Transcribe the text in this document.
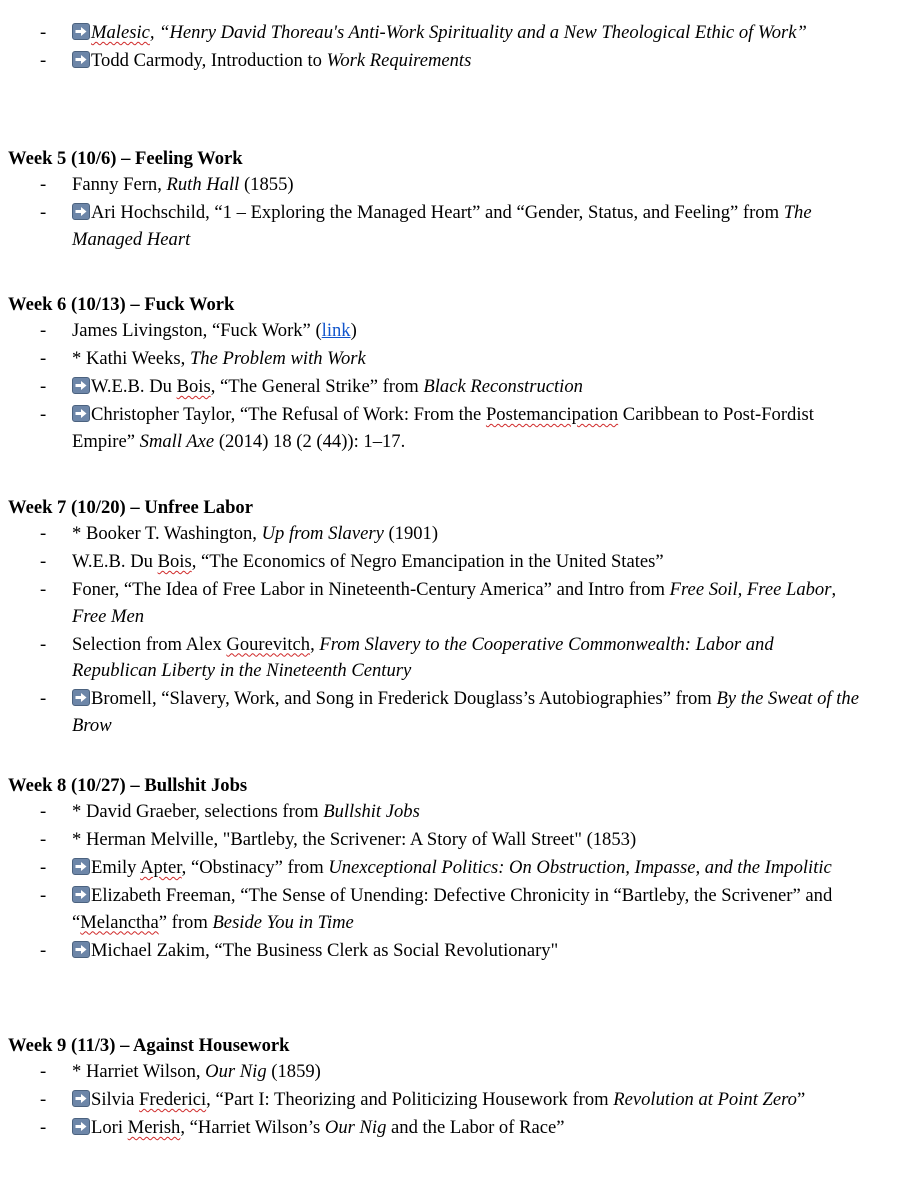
-	Malesic, “Henry David Thoreau's Anti-Work Spirituality and a New Theological Ethic of Work”
-	Todd Carmody, Introduction to Work Requirements
Week 5 (10/6) – Feeling Work
- Fanny Fern, Ruth Hall (1855)
-	Ari Hochschild, “1 – Exploring the Managed Heart” and “Gender, Status, and Feeling” from The Managed Heart
Week 6 (10/13) – Fuck Work
- James Livingston, “Fuck Work” (link)
- * Kathi Weeks, The Problem with Work
-	W.E.B. Du Bois, “The General Strike” from Black Reconstruction
-	Christopher Taylor, “The Refusal of Work: From the Postemancipation Caribbean to Post-Fordist Empire” Small Axe (2014) 18 (2 (44)): 1–17.
Week 7 (10/20) – Unfree Labor
- * Booker T. Washington, Up from Slavery (1901)
- W.E.B. Du Bois, “The Economics of Negro Emancipation in the United States”
- Foner, “The Idea of Free Labor in Nineteenth-Century America” and Intro from Free Soil, Free Labor, Free Men
- Selection from Alex Gourevitch, From Slavery to the Cooperative Commonwealth: Labor and Republican Liberty in the Nineteenth Century
-	Bromell, “Slavery, Work, and Song in Frederick Douglass’s Autobiographies” from By the Sweat of the Brow
Week 8 (10/27) – Bullshit Jobs
- * David Graeber, selections from Bullshit Jobs
- * Herman Melville, "Bartleby, the Scrivener: A Story of Wall Street" (1853)
-	Emily Apter, “Obstinacy” from Unexceptional Politics: On Obstruction, Impasse, and the Impolitic
-	Elizabeth Freeman, “The Sense of Unending: Defective Chronicity in “Bartleby, the Scrivener” and “Melanctha” from Beside You in Time
-	Michael Zakim, “The Business Clerk as Social Revolutionary"
Week 9 (11/3) – Against Housework
- * Harriet Wilson, Our Nig (1859)
-	Silvia Frederici, “Part I: Theorizing and Politicizing Housework from Revolution at Point Zero”
-	Lori Merish, “Harriet Wilson’s Our Nig and the Labor of Race”
